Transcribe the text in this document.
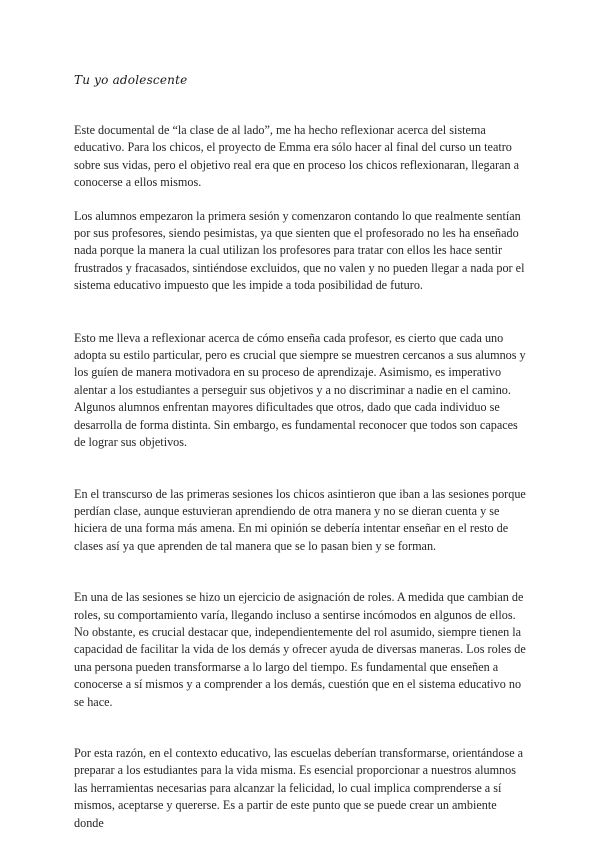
Tu yo adolescente

Este documental de “la clase de al lado”, me ha hecho reflexionar acerca del sistema educativo. Para los chicos, el proyecto de Emma era sólo hacer al final del curso un teatro sobre sus vidas, pero el objetivo real era que en proceso los chicos reflexionaran, llegaran a conocerse a ellos mismos.

Los alumnos empezaron la primera sesión y comenzaron contando lo que realmente sentían por sus profesores, siendo pesimistas, ya que sienten que el profesorado no les ha enseñado nada porque la manera la cual utilizan los profesores para tratar con ellos les hace sentir frustrados y fracasados, sintiéndose excluidos, que no valen y no pueden llegar a nada por el sistema educativo impuesto que les impide a toda posibilidad de futuro.

Esto me lleva a reflexionar acerca de cómo enseña cada profesor, es cierto que cada uno adopta su estilo particular, pero es crucial que siempre se muestren cercanos a sus alumnos y los guíen de manera motivadora en su proceso de aprendizaje. Asimismo, es imperativo alentar a los estudiantes a perseguir sus objetivos y a no discriminar a nadie en el camino. Algunos alumnos enfrentan mayores dificultades que otros, dado que cada individuo se desarrolla de forma distinta. Sin embargo, es fundamental reconocer que todos son capaces de lograr sus objetivos.

En el transcurso de las primeras sesiones los chicos asintieron que iban a las sesiones porque perdían clase, aunque estuvieran aprendiendo de otra manera y no se dieran cuenta y se hiciera de una forma más amena. En mi opinión se debería intentar enseñar en el resto de clases así ya que aprenden de tal manera que se lo pasan bien y se forman.

En una de las sesiones se hizo un ejercicio de asignación de roles. A medida que cambian de roles, su comportamiento varía, llegando incluso a sentirse incómodos en algunos de ellos. No obstante, es crucial destacar que, independientemente del rol asumido, siempre tienen la capacidad de facilitar la vida de los demás y ofrecer ayuda de diversas maneras. Los roles de una persona pueden transformarse a lo largo del tiempo. Es fundamental que enseñen a conocerse a sí mismos y a comprender a los demás, cuestión que en el sistema educativo no se hace.

Por esta razón, en el contexto educativo, las escuelas deberían transformarse, orientándose a preparar a los estudiantes para la vida misma. Es esencial proporcionar a nuestros alumnos las herramientas necesarias para alcanzar la felicidad, lo cual implica comprenderse a sí mismos, aceptarse y quererse. Es a partir de este punto que se puede crear un ambiente donde
